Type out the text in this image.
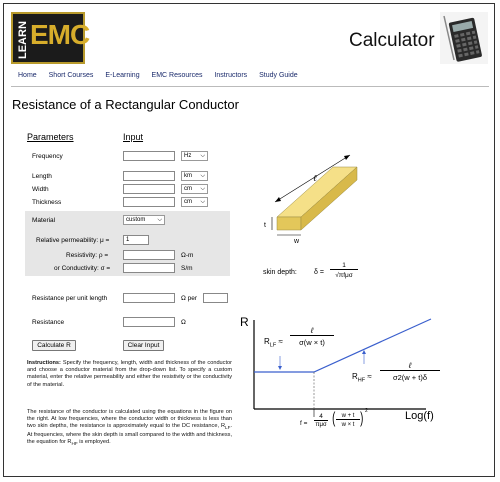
LEARN EMC	Calculator
Home Short Courses E-Learning EMC Resources Instructors Study Guide
Resistance of a Rectangular Conductor
Parameters	Input
Frequency	Hz ⌵
Length	km ⌵
Width	cm ⌵
Thickness	cm ⌵
Material	custom ⌵
Relative permeability: μ =	1
Resistivity: ρ =	Ω-m
or Conductivity: σ =	S/m
Resistance per unit length	Ω per
Resistance	Ω
Calculate R	Clear Input
Instructions: Specify the frequency, length, width and thickness of the conductor and choose a conductor material from the drop-down list. To specify a custom material, enter the relative permeability and either the resistivity or the conductivity of the material.
The resistance of the conductor is calculated using the equations in the figure on the right. At low frequencies, where the conductor width or thickness is less than two skin depths, the resistance is approximately equal to the DC resistance, $R_{LF}$. At frequencies, where the skin depth is small compared to the width and thickness, the equation for $R_{HF}$ is employed.
ℓ
t
w
skin depth: δ =
1
√πfμσ
R
Log(f)
$R_{LF}$ ≈
ℓ
σ(w × t)
$R_{HF}$ ≈
ℓ
σ2(w + t)δ
f =
4
πμσ (	w + t
w × t ) 2
